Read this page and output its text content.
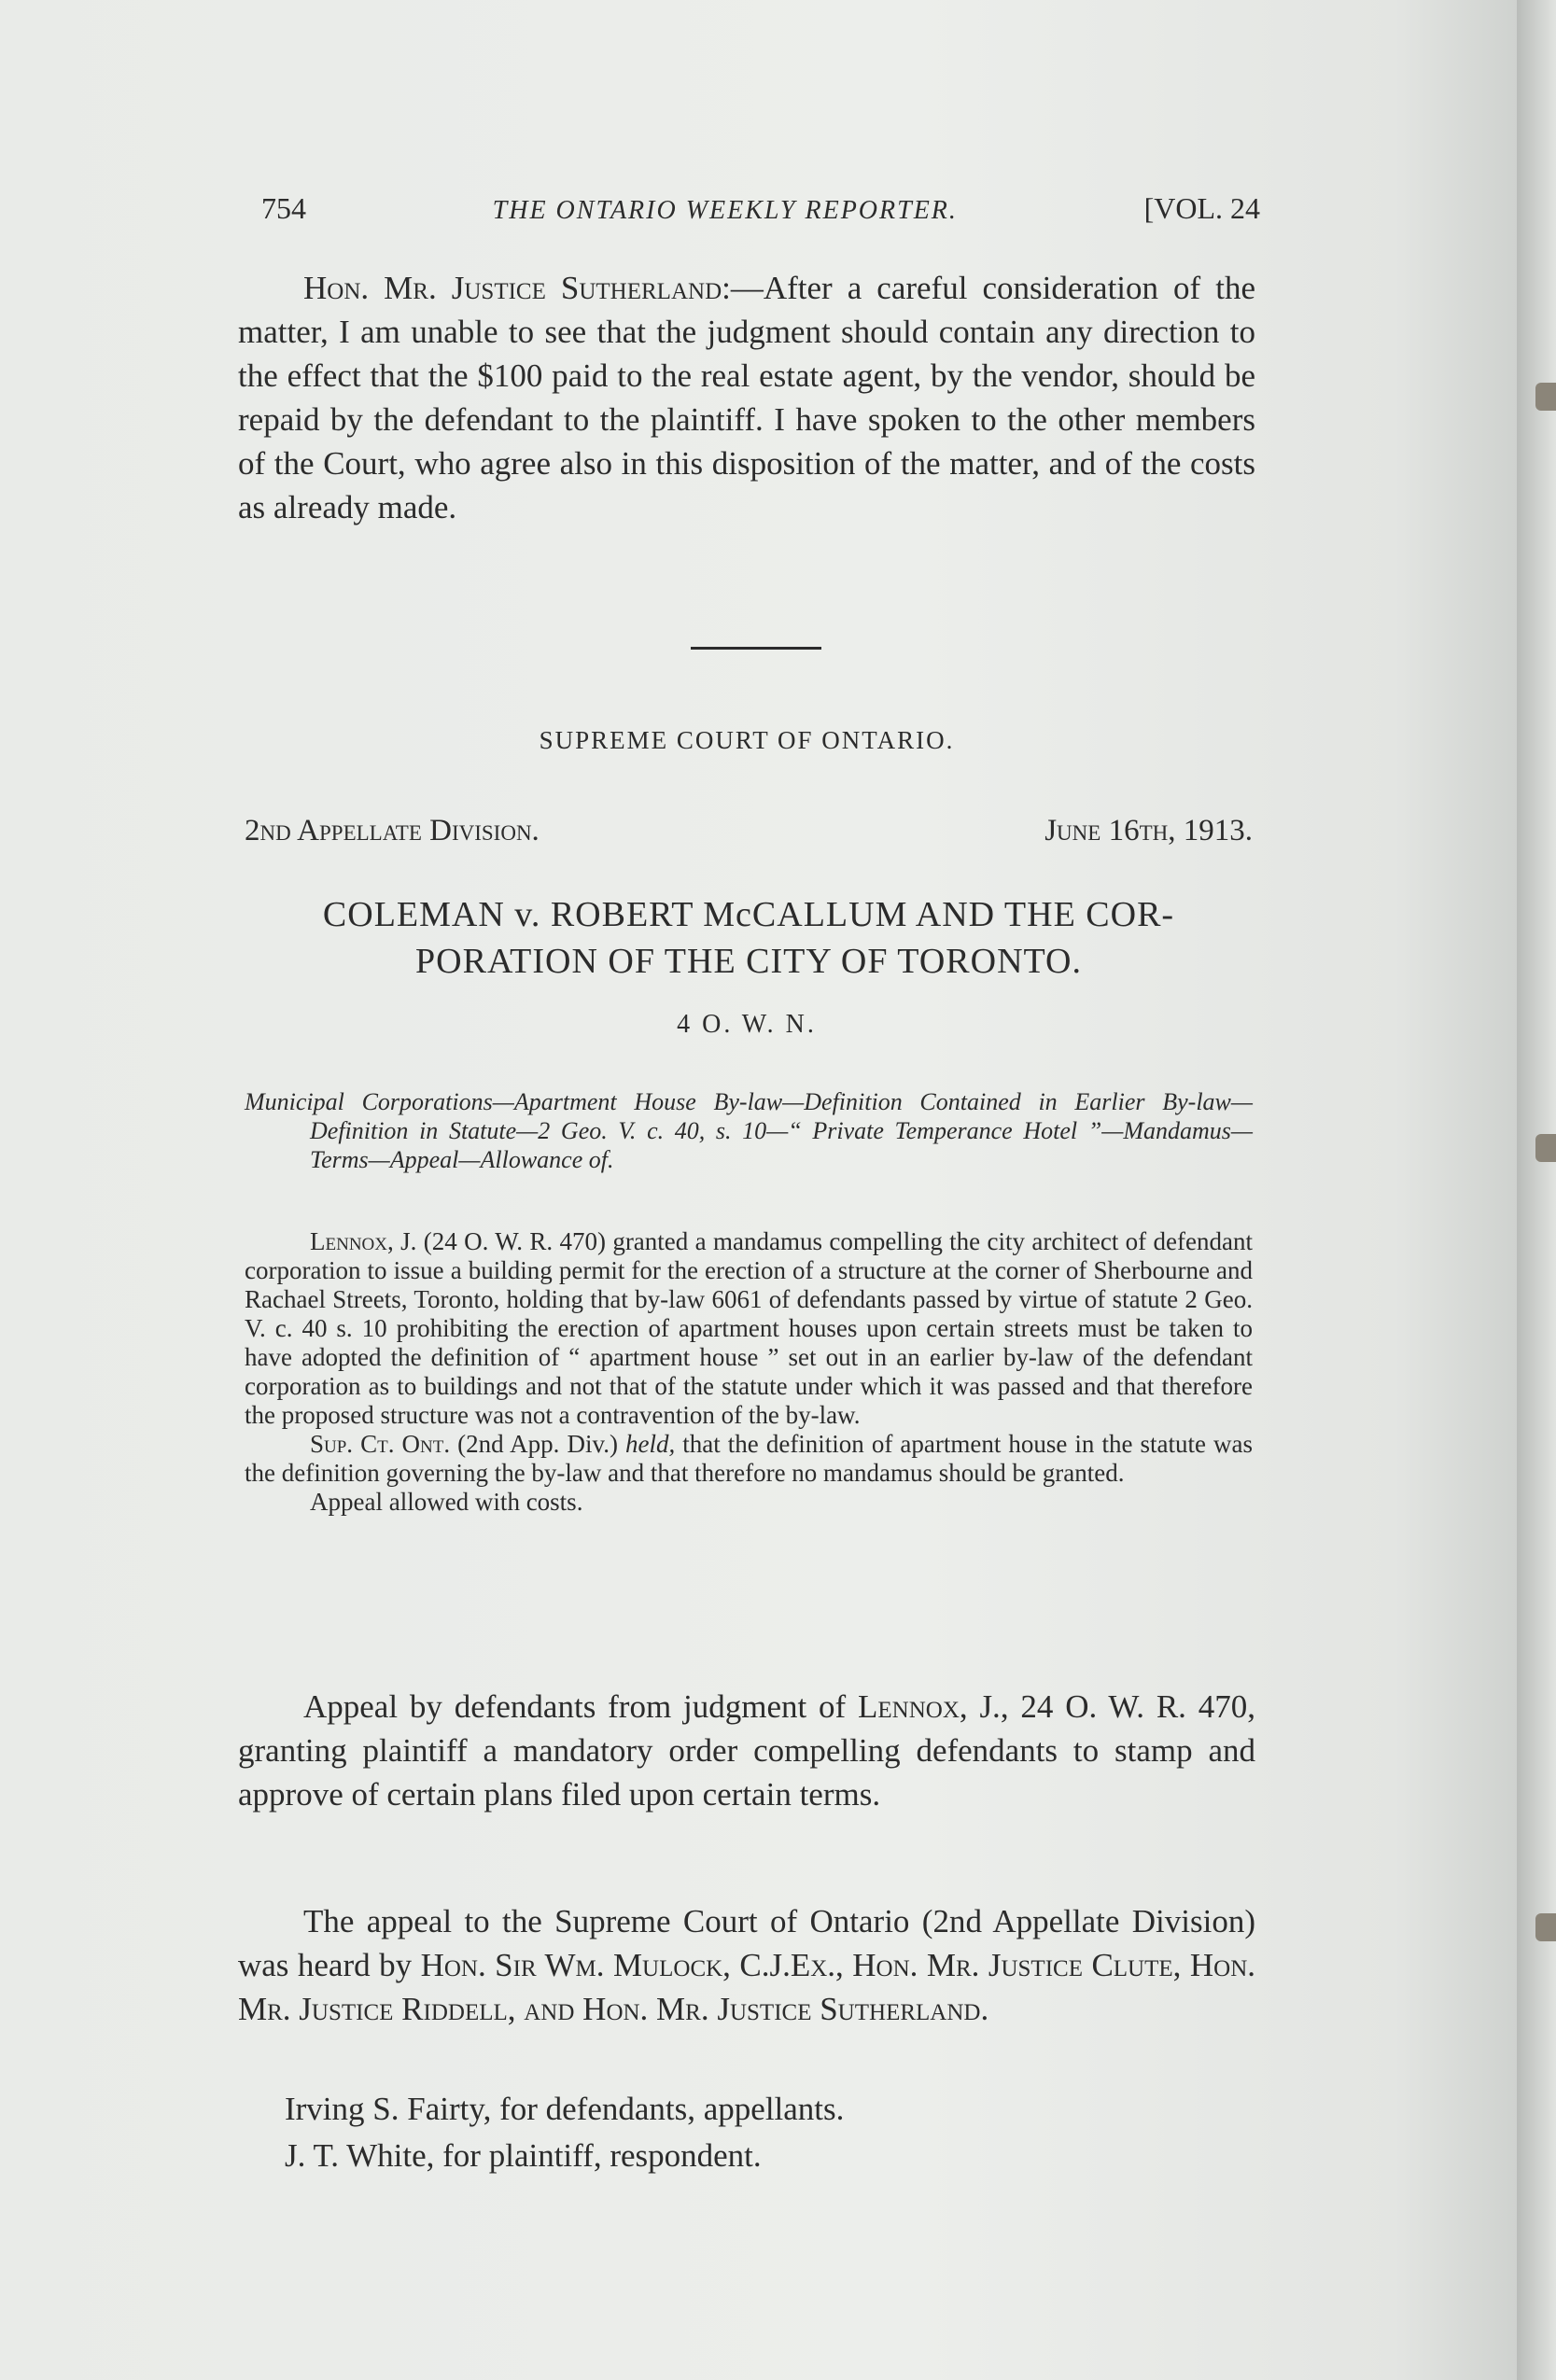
754	THE ONTARIO WEEKLY REPORTER.	[VOL. 24

Hon. Mr. Justice Sutherland:—After a careful consideration of the matter, I am unable to see that the judgment should contain any direction to the effect that the $100 paid to the real estate agent, by the vendor, should be repaid by the defendant to the plaintiff. I have spoken to the other members of the Court, who agree also in this disposition of the matter, and of the costs as already made.

SUPREME COURT OF ONTARIO.
2nd Appellate Division.	June 16th, 1913.
COLEMAN v. ROBERT McCALLUM AND THE COR-
PORATION OF THE CITY OF TORONTO.
4 O. W. N.
Municipal Corporations—Apartment House By-law—Definition Contained in Earlier By-law—Definition in Statute—2 Geo. V. c. 40, s. 10—“ Private Temperance Hotel ”—Mandamus—Terms—Appeal—Allowance of.

Lennox, J. (24 O. W. R. 470) granted a mandamus compelling the city architect of defendant corporation to issue a building permit for the erection of a structure at the corner of Sherbourne and Rachael Streets, Toronto, holding that by-law 6061 of defendants passed by virtue of statute 2 Geo. V. c. 40 s. 10 prohibiting the erection of apartment houses upon certain streets must be taken to have adopted the definition of “ apartment house ” set out in an earlier by-law of the defendant corporation as to buildings and not that of the statute under which it was passed and that therefore the proposed structure was not a contravention of the by-law.

Sup. Ct. Ont. (2nd App. Div.) held, that the definition of apartment house in the statute was the definition governing the by-law and that therefore no mandamus should be granted.

Appeal allowed with costs.

Appeal by defendants from judgment of Lennox, J., 24 O. W. R. 470, granting plaintiff a mandatory order compelling defendants to stamp and approve of certain plans filed upon certain terms.

The appeal to the Supreme Court of Ontario (2nd Appellate Division) was heard by Hon. Sir Wm. Mulock, C.J.Ex., Hon. Mr. Justice Clute, Hon. Mr. Justice Riddell, and Hon. Mr. Justice Sutherland.

Irving S. Fairty, for defendants, appellants.
J. T. White, for plaintiff, respondent.
